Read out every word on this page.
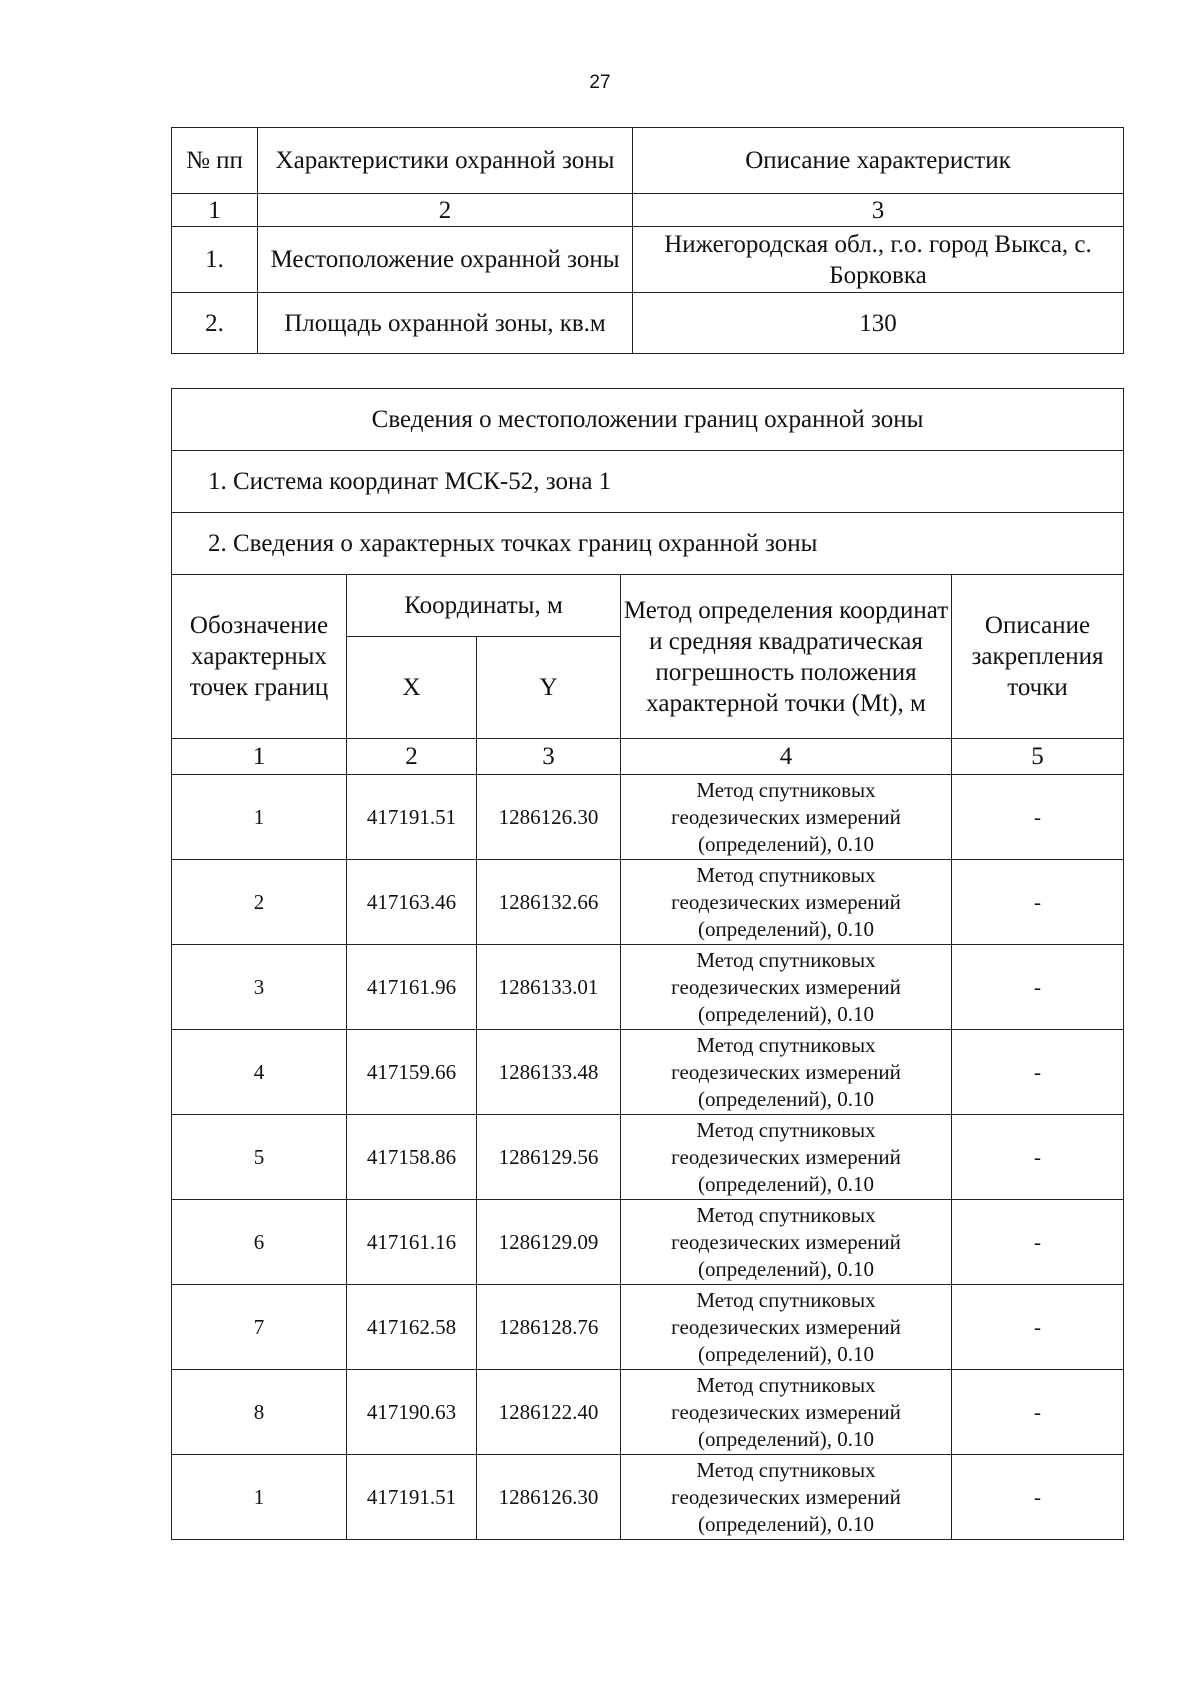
27
№ пп	Характеристики охранной зоны	Описание характеристик
1	2	3
1.	Местоположение охранной зоны	Нижегородская обл., г.о. город Выкса, с. Борковка
2.	Площадь охранной зоны, кв.м	130
Сведения о местоположении границ охранной зоны				
1. Система координат МСК-52, зона 1				
2. Сведения о характерных точках границ охранной зоны				
Обозначение характерных точек границ	Координаты, м		Метод определения координат и средняя квадратическая погрешность положения характерной точки (Mt), м	Описание закрепления точки
	X	Y		
1	2	3	4	5
1	417191.51	1286126.30	Метод спутниковых геодезических измерений (определений), 0.10	-
2	417163.46	1286132.66	Метод спутниковых геодезических измерений (определений), 0.10	-
3	417161.96	1286133.01	Метод спутниковых геодезических измерений (определений), 0.10	-
4	417159.66	1286133.48	Метод спутниковых геодезических измерений (определений), 0.10	-
5	417158.86	1286129.56	Метод спутниковых геодезических измерений (определений), 0.10	-
6	417161.16	1286129.09	Метод спутниковых геодезических измерений (определений), 0.10	-
7	417162.58	1286128.76	Метод спутниковых геодезических измерений (определений), 0.10	-
8	417190.63	1286122.40	Метод спутниковых геодезических измерений (определений), 0.10	-
1	417191.51	1286126.30	Метод спутниковых геодезических измерений (определений), 0.10	-
